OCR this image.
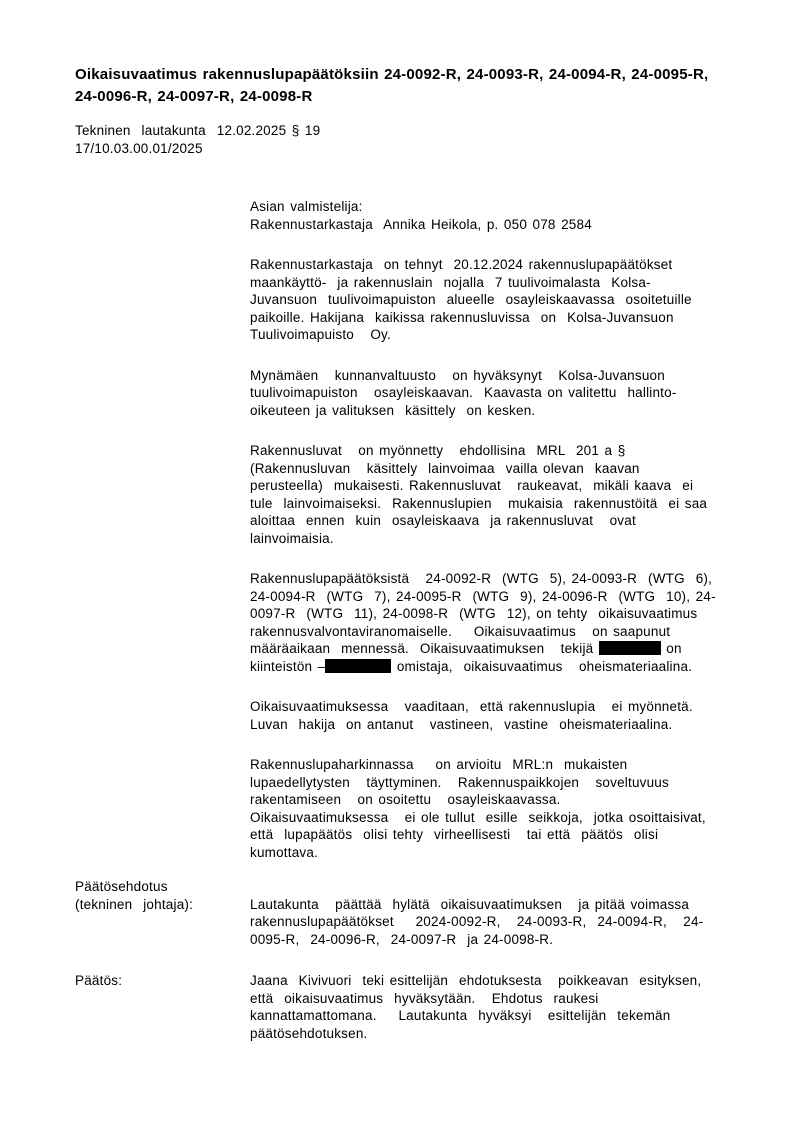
Oikaisuvaatimus rakennuslupapäätöksiin 24-0092-R, 24-0093-R, 24-0094-R, 24-0095-R,
24-0096-R, 24-0097-R, 24-0098-R
Tekninen  lautakunta  12.02.2025 § 19
17/10.03.00.01/2025
Asian valmistelija:
Rakennustarkastaja  Annika Heikola, p. 050 078 2584
Rakennustarkastaja  on tehnyt  20.12.2024 rakennuslupapäätökset
maankäyttö-  ja rakennuslain  nojalla  7 tuulivoimalasta  Kolsa-
Juvansuon  tuulivoimapuiston  alueelle  osayleiskaavassa  osoitetuille
paikoille. Hakijana  kaikissa rakennusluvissa  on  Kolsa-Juvansuon
Tuulivoimapuisto   Oy.
Mynämäen   kunnanvaltuusto   on hyväksynyt   Kolsa-Juvansuon
tuulivoimapuiston   osayleiskaavan.  Kaavasta on valitettu  hallinto-
oikeuteen ja valituksen  käsittely  on kesken.
Rakennusluvat   on myönnetty   ehdollisina  MRL  201 a §
(Rakennusluvan   käsittely  lainvoimaa  vailla olevan  kaavan
perusteella)  mukaisesti. Rakennusluvat   raukeavat,  mikäli kaava  ei
tule  lainvoimaiseksi.  Rakennuslupien   mukaisia  rakennustöitä  ei saa
aloittaa  ennen  kuin  osayleiskaava  ja rakennusluvat   ovat
lainvoimaisia.
Rakennuslupapäätöksistä   24-0092-R  (WTG  5), 24-0093-R  (WTG  6),
24-0094-R  (WTG  7), 24-0095-R  (WTG  9), 24-0096-R  (WTG  10), 24-
0097-R  (WTG  11), 24-0098-R  (WTG  12), on tehty  oikaisuvaatimus
rakennusvalvontaviranomaiselle.    Oikaisuvaatimus   on saapunut
määräaikaan  mennessä.  Oikaisuvaatimuksen   tekijä	on
kiinteistön –	omistaja,  oikaisuvaatimus   oheismateriaalina.
Oikaisuvaatimuksessa   vaaditaan,  että rakennuslupia   ei myönnetä.
Luvan  hakija  on antanut   vastineen,  vastine  oheismateriaalina.
Rakennuslupaharkinnassa    on arvioitu  MRL:n  mukaisten
lupaedellytysten   täyttyminen.   Rakennuspaikkojen   soveltuvuus
rakentamiseen   on osoitettu   osayleiskaavassa.
Oikaisuvaatimuksessa   ei ole tullut  esille  seikkoja,  jotka osoittaisivat,
että  lupapäätös  olisi tehty  virheellisesti   tai että  päätös  olisi
kumottava.
Päätösehdotus
(tekninen  johtaja):	Lautakunta   päättää  hylätä  oikaisuvaatimuksen   ja pitää voimassa
rakennuslupapäätökset    2024-0092-R,   24-0093-R,  24-0094-R,   24-
0095-R,  24-0096-R,  24-0097-R  ja 24-0098-R.
Päätös:	Jaana  Kivivuori  teki esittelijän  ehdotuksesta   poikkeavan  esityksen,
että  oikaisuvaatimus  hyväksytään.   Ehdotus  raukesi
kannattamattomana.    Lautakunta  hyväksyi   esittelijän  tekemän
päätösehdotuksen.
